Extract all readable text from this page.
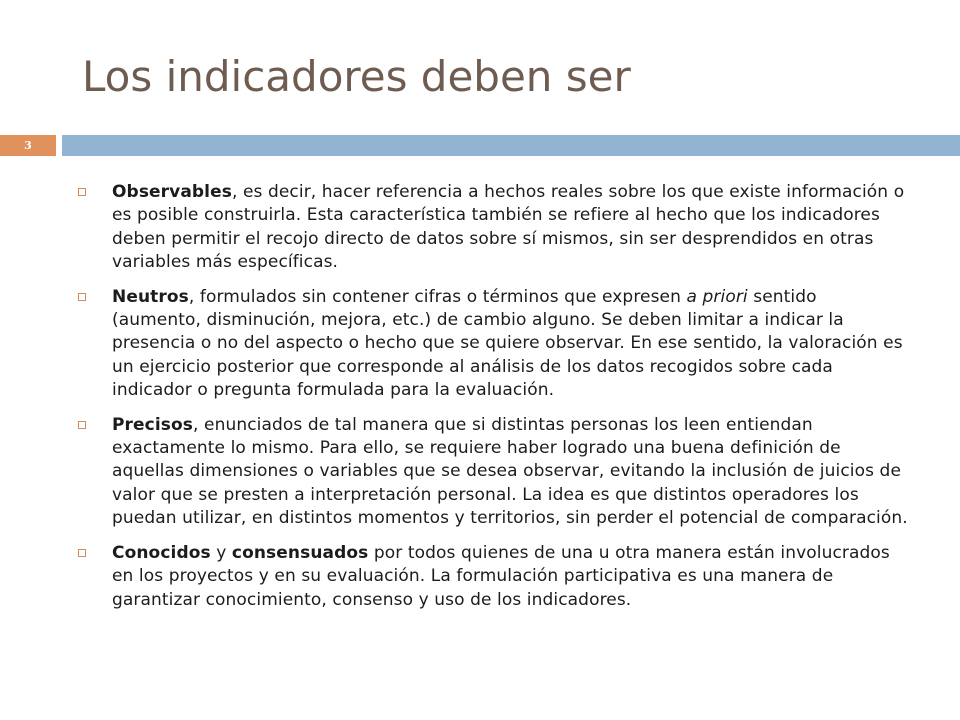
Los indicadores deben ser
3
Observables, es decir, hacer referencia a hechos reales sobre los que existe información o es posible construirla. Esta característica también se refiere al hecho que los indicadores deben permitir el recojo directo de datos sobre sí mismos, sin ser desprendidos en otras variables más específicas.
Neutros, formulados sin contener cifras o términos que expresen a priori sentido (aumento, disminución, mejora, etc.) de cambio alguno. Se deben limitar a indicar la presencia o no del aspecto o hecho que se quiere observar. En ese sentido, la valoración es un ejercicio posterior que corresponde al análisis de los datos recogidos sobre cada indicador o pregunta formulada para la evaluación.
Precisos, enunciados de tal manera que si distintas personas los leen entiendan exactamente lo mismo. Para ello, se requiere haber logrado una buena definición de aquellas dimensiones o variables que se desea observar, evitando la inclusión de juicios de valor que se presten a interpretación personal. La idea es que distintos operadores los puedan utilizar, en distintos momentos y territorios, sin perder el potencial de comparación.
Conocidos y consensuados por todos quienes de una u otra manera están involucrados en los proyectos y en su evaluación. La formulación participativa es una manera de garantizar conocimiento, consenso y uso de los indicadores.
